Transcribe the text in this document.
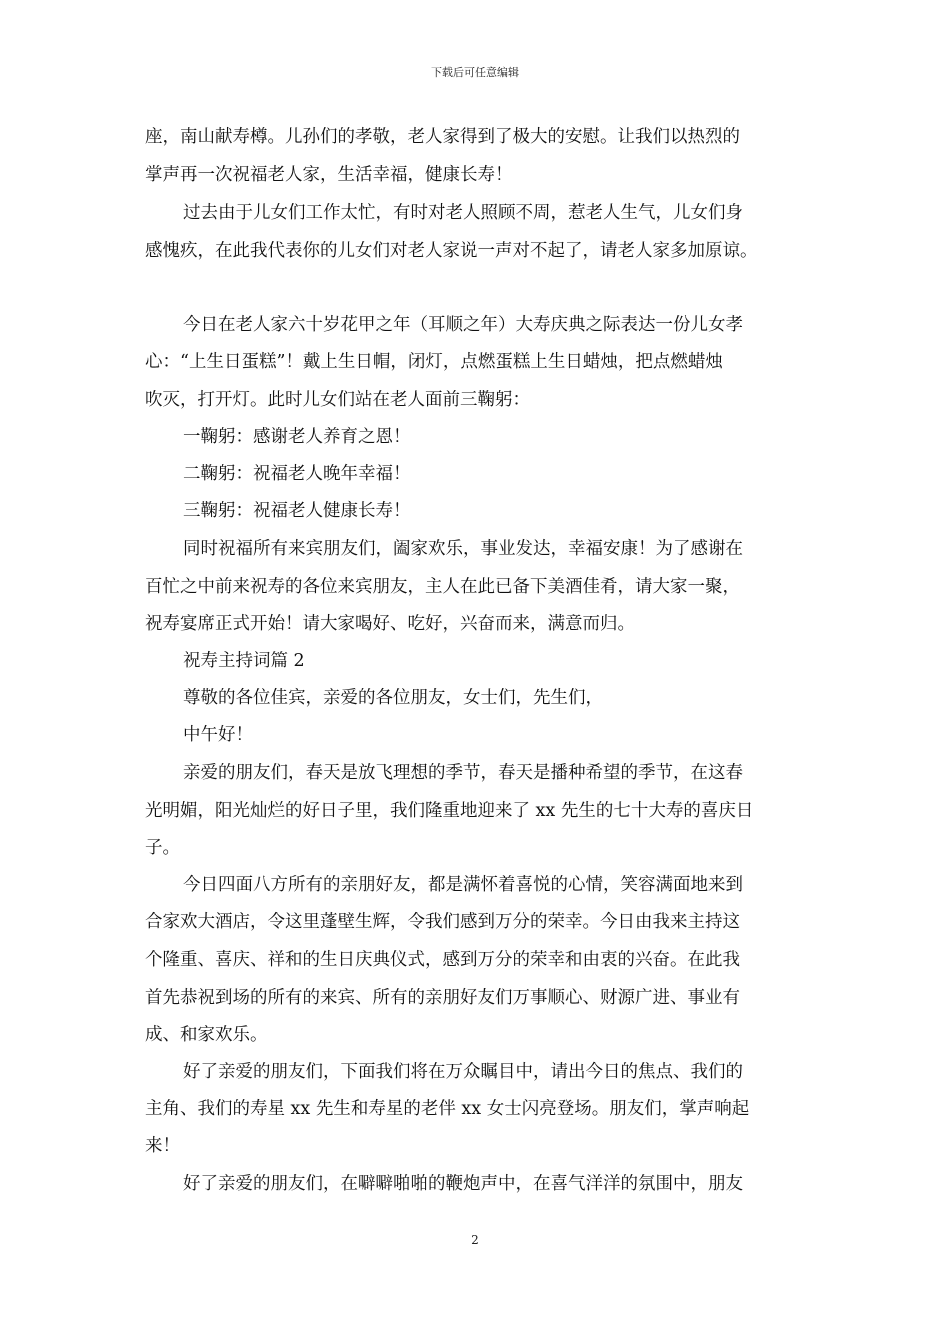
下载后可任意编辑
座，南山献寿樽。儿孙们的孝敬，老人家得到了极大的安慰。让我们以热烈的
掌声再一次祝福老人家，生活幸福，健康长寿！
过去由于儿女们工作太忙，有时对老人照顾不周，惹老人生气，儿女们身
感愧疚，在此我代表你的儿女们对老人家说一声对不起了，请老人家多加原谅。
今日在老人家六十岁花甲之年（耳顺之年）大寿庆典之际表达一份儿女孝
心：“上生日蛋糕”！戴上生日帽，闭灯，点燃蛋糕上生日蜡烛，把点燃蜡烛
吹灭，打开灯。此时儿女们站在老人面前三鞠躬：
一鞠躬：感谢老人养育之恩！
二鞠躬：祝福老人晚年幸福！
三鞠躬：祝福老人健康长寿！
同时祝福所有来宾朋友们，阖家欢乐，事业发达，幸福安康！为了感谢在
百忙之中前来祝寿的各位来宾朋友，主人在此已备下美酒佳肴，请大家一聚，
祝寿宴席正式开始！请大家喝好、吃好，兴奋而来，满意而归。
祝寿主持词篇 2
尊敬的各位佳宾，亲爱的各位朋友，女士们，先生们，
中午好！
亲爱的朋友们，春天是放飞理想的季节，春天是播种希望的季节，在这春
光明媚，阳光灿烂的好日子里，我们隆重地迎来了 xx 先生的七十大寿的喜庆日
子。
今日四面八方所有的亲朋好友，都是满怀着喜悦的心情，笑容满面地来到
合家欢大酒店，令这里蓬壁生辉，令我们感到万分的荣幸。今日由我来主持这
个隆重、喜庆、祥和的生日庆典仪式，感到万分的荣幸和由衷的兴奋。在此我
首先恭祝到场的所有的来宾、所有的亲朋好友们万事顺心、财源广进、事业有
成、和家欢乐。
好了亲爱的朋友们，下面我们将在万众瞩目中，请出今日的焦点、我们的
主角、我们的寿星 xx 先生和寿星的老伴 xx 女士闪亮登场。朋友们，掌声响起
来！
好了亲爱的朋友们，在噼噼啪啪的鞭炮声中，在喜气洋洋的氛围中，朋友
2
